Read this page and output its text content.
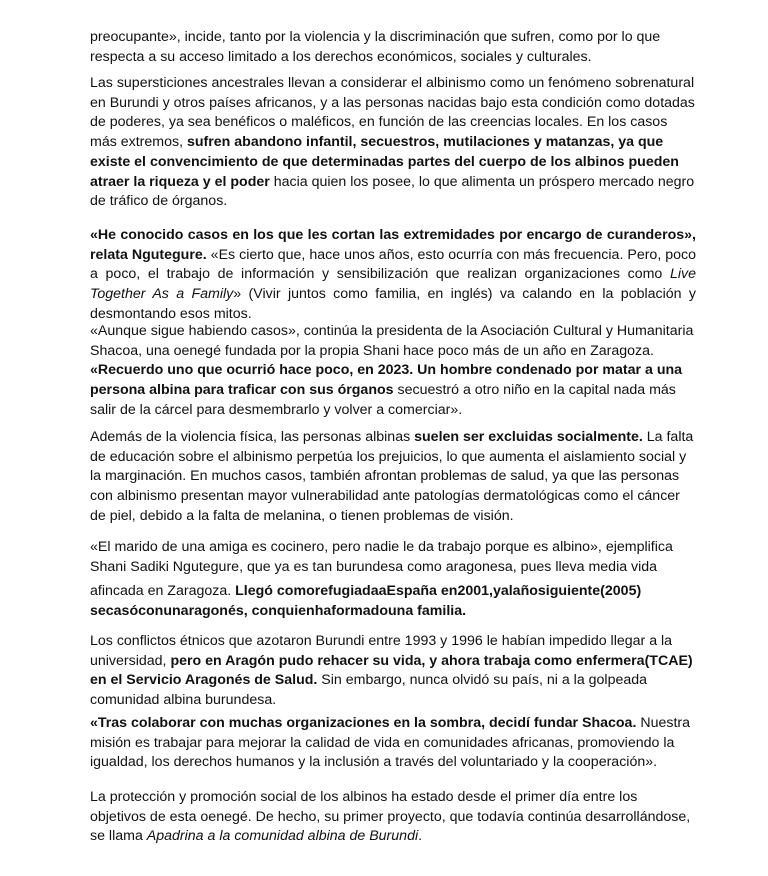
preocupante», incide, tanto por la violencia y la discriminación que sufren, como por lo que respecta a su acceso limitado a los derechos económicos, sociales y culturales.

Las supersticiones ancestrales llevan a considerar el albinismo como un fenómeno sobrenatural en Burundi y otros países africanos, y a las personas nacidas bajo esta condición como dotadas de poderes, ya sea benéficos o maléficos, en función de las creencias locales. En los casos más extremos, sufren abandono infantil, secuestros, mutilaciones y matanzas, ya que existe el convencimiento de que determinadas partes del cuerpo de los albinos pueden atraer la riqueza y el poder hacia quien los posee, lo que alimenta un próspero mercado negro de tráfico de órganos.

«He conocido casos en los que les cortan las extremidades por encargo de curanderos», relata Ngutegure. «Es cierto que, hace unos años, esto ocurría con más frecuencia. Pero, poco a poco, el trabajo de información y sensibilización que realizan organizaciones como Live Together As a Family» (Vivir juntos como familia, en inglés) va calando en la población y desmontando esos mitos.

«Aunque sigue habiendo casos», continúa la presidenta de la Asociación Cultural y Humanitaria Shacoa, una oenegé fundada por la propia Shani hace poco más de un año en Zaragoza. «Recuerdo uno que ocurrió hace poco, en 2023. Un hombre condenado por matar a una persona albina para traficar con sus órganos secuestró a otro niño en la capital nada más salir de la cárcel para desmembrarlo y volver a comerciar».

Además de la violencia física, las personas albinas suelen ser excluidas socialmente. La falta de educación sobre el albinismo perpetúa los prejuicios, lo que aumenta el aislamiento social y la marginación. En muchos casos, también afrontan problemas de salud, ya que las personas con albinismo presentan mayor vulnerabilidad ante patologías dermatológicas como el cáncer de piel, debido a la falta de melanina, o tienen problemas de visión.

«El marido de una amiga es cocinero, pero nadie le da trabajo porque es albino», ejemplifica Shani Sadiki Ngutegure, que ya es tan burundesa como aragonesa, pues lleva media vida

afincada en Zaragoza. Llegó comorefugiadaaEspaña en2001,yalañosiguiente(2005) secasóconunaragonés, conquienhaformadouna familia.

Los conflictos étnicos que azotaron Burundi entre 1993 y 1996 le habían impedido llegar a la universidad, pero en Aragón pudo rehacer su vida, y ahora trabaja como enfermera(TCAE) en el Servicio Aragonés de Salud. Sin embargo, nunca olvidó su país, ni a la golpeada comunidad albina burundesa.

«Tras colaborar con muchas organizaciones en la sombra, decidí fundar Shacoa. Nuestra misión es trabajar para mejorar la calidad de vida en comunidades africanas, promoviendo la igualdad, los derechos humanos y la inclusión a través del voluntariado y la cooperación».

La protección y promoción social de los albinos ha estado desde el primer día entre los objetivos de esta oenegé. De hecho, su primer proyecto, que todavía continúa desarrollándose, se llama Apadrina a la comunidad albina de Burundi.
